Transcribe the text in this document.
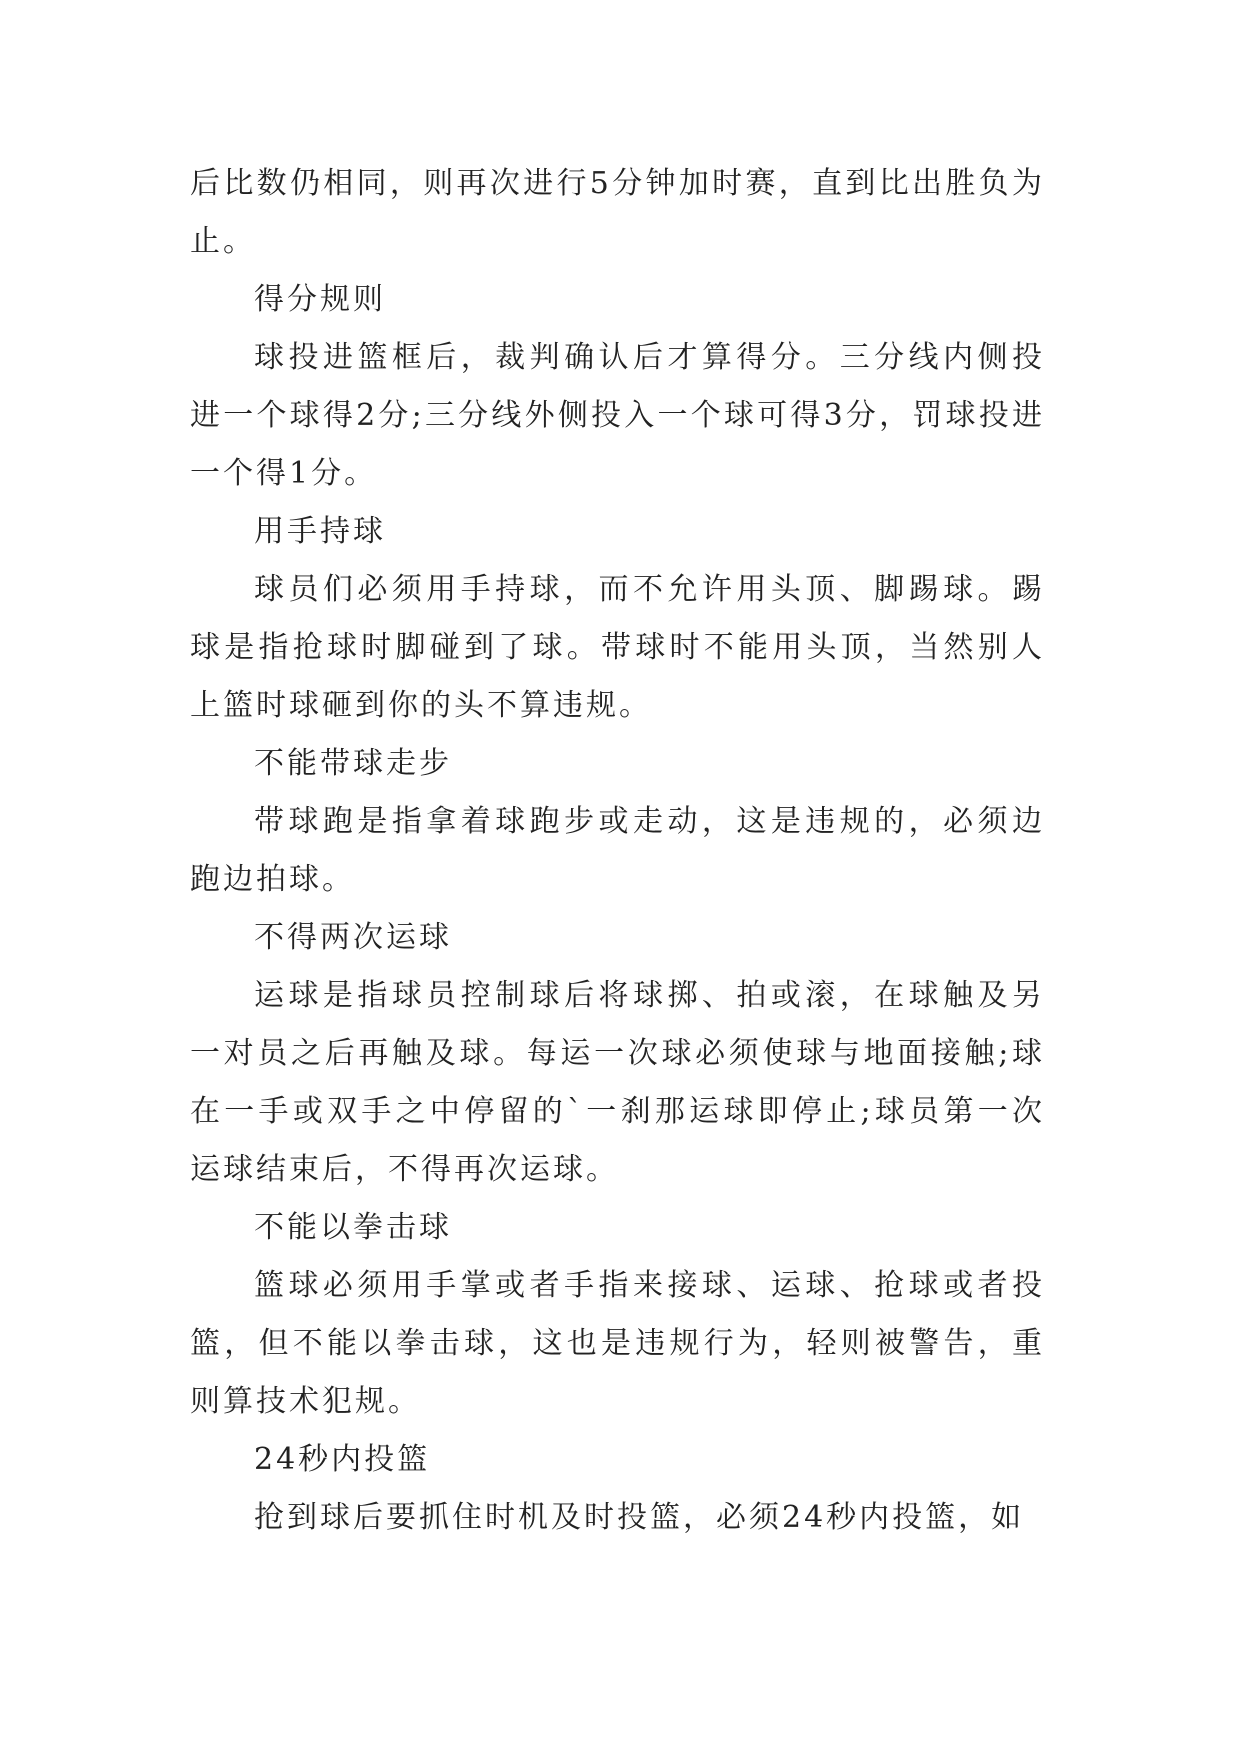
后比数仍相同，则再次进行5分钟加时赛，直到比出胜负为止。

得分规则

球投进篮框后，裁判确认后才算得分。三分线内侧投进一个球得2分;三分线外侧投入一个球可得3分，罚球投进一个得1分。

用手持球

球员们必须用手持球，而不允许用头顶、脚踢球。踢球是指抢球时脚碰到了球。带球时不能用头顶，当然别人上篮时球砸到你的头不算违规。

不能带球走步

带球跑是指拿着球跑步或走动，这是违规的，必须边跑边拍球。

不得两次运球

运球是指球员控制球后将球掷、拍或滚，在球触及另一对员之后再触及球。每运一次球必须使球与地面接触;球在一手或双手之中停留的`一刹那运球即停止;球员第一次运球结束后，不得再次运球。

不能以拳击球

篮球必须用手掌或者手指来接球、运球、抢球或者投篮，但不能以拳击球，这也是违规行为，轻则被警告，重则算技术犯规。

24秒内投篮

抢到球后要抓住时机及时投篮，必须24秒内投篮，如
